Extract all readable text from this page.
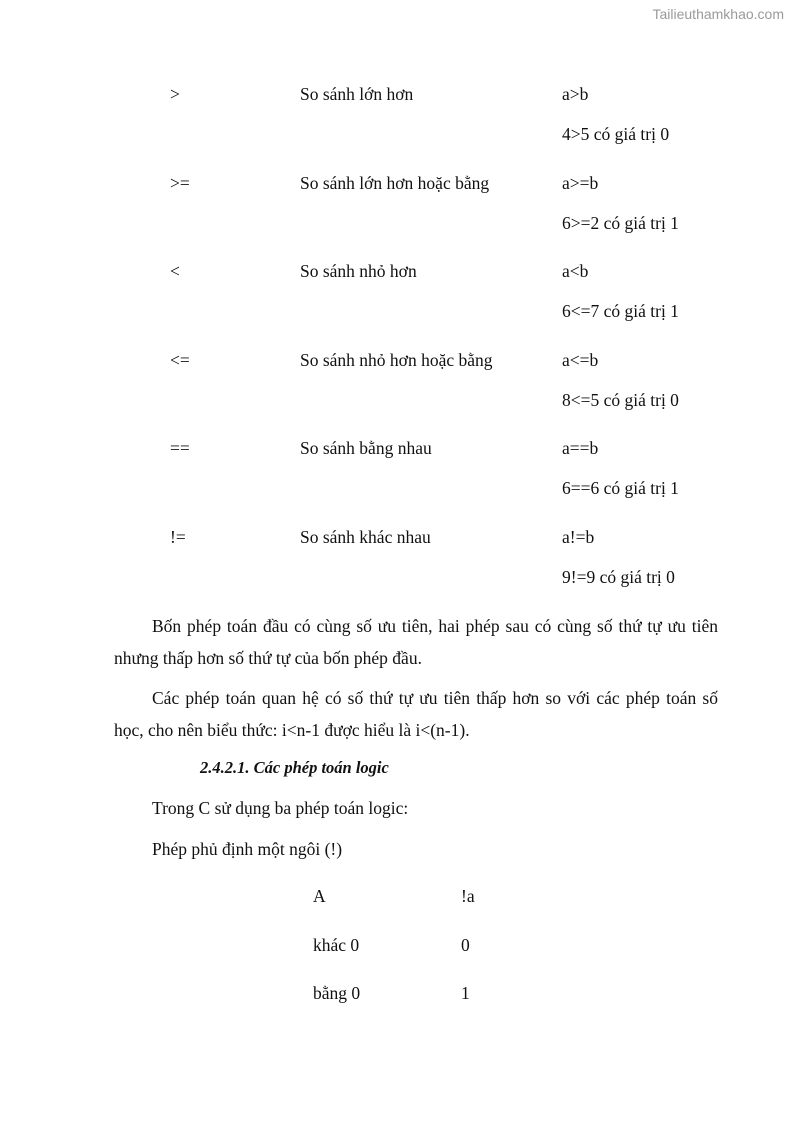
Tailieuthamkhao.com
>	So sánh lớn hơn	a>b
4>5 có giá trị 0
>=	So sánh lớn hơn hoặc bằng	a>=b
6>=2 có giá trị 1
<	So sánh nhỏ hơn	a<b
6<=7 có giá trị 1
<=	So sánh nhỏ hơn hoặc bằng	a<=b
8<=5 có giá trị 0
==	So sánh bằng nhau	a==b
6==6 có giá trị 1
!=	So sánh khác nhau	a!=b
9!=9 có giá trị 0

Bốn phép toán đầu có cùng số ưu tiên, hai phép sau có cùng số thứ tự ưu tiên nhưng thấp hơn số thứ tự của bốn phép đầu.

Các phép toán quan hệ có số thứ tự ưu tiên thấp hơn so với các phép toán số học, cho nên biểu thức: i<n-1 được hiểu là i<(n-1).

2.4.2.1. Các phép toán logic
Trong C sử dụng ba phép toán logic:
Phép phủ định một ngôi (!)
A	!a
khác 0	0
bằng 0	1
